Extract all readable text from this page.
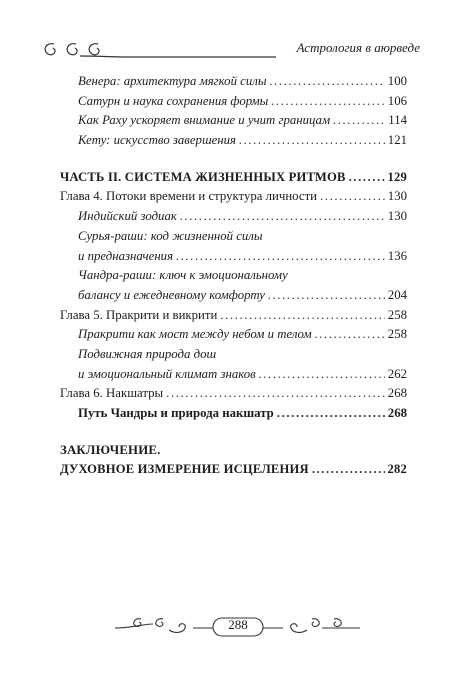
Астрология в аюрведе
Венера: архитектура мягкой силы .....	100
Сатурн и наука сохранения формы .....	106
Как Раху ускоряет внимание и учит границам .....	114
Кету: искусство завершения .....	121
ЧАСТЬ II. СИСТЕМА ЖИЗНЕННЫХ РИТМОВ .....	129
Глава 4. Потоки времени и структура личности .....	130
Индийский зодиак .....	130
Сурья-раши: код жизненной силы
и предназначения .....	136
Чандра-раши: ключ к эмоциональному
балансу и ежедневному комфорту .....	204
Глава 5. Пракрити и викрити .....	258
Пракрити как мост между небом и телом .....	258
Подвижная природа дош
и эмоциональный климат знаков .....	262
Глава 6. Накшатры .....	268
Путь Чандры и природа накшатр .....	268
ЗАКЛЮЧЕНИЕ.
ДУХОВНОЕ ИЗМЕРЕНИЕ ИСЦЕЛЕНИЯ .....	282
288
